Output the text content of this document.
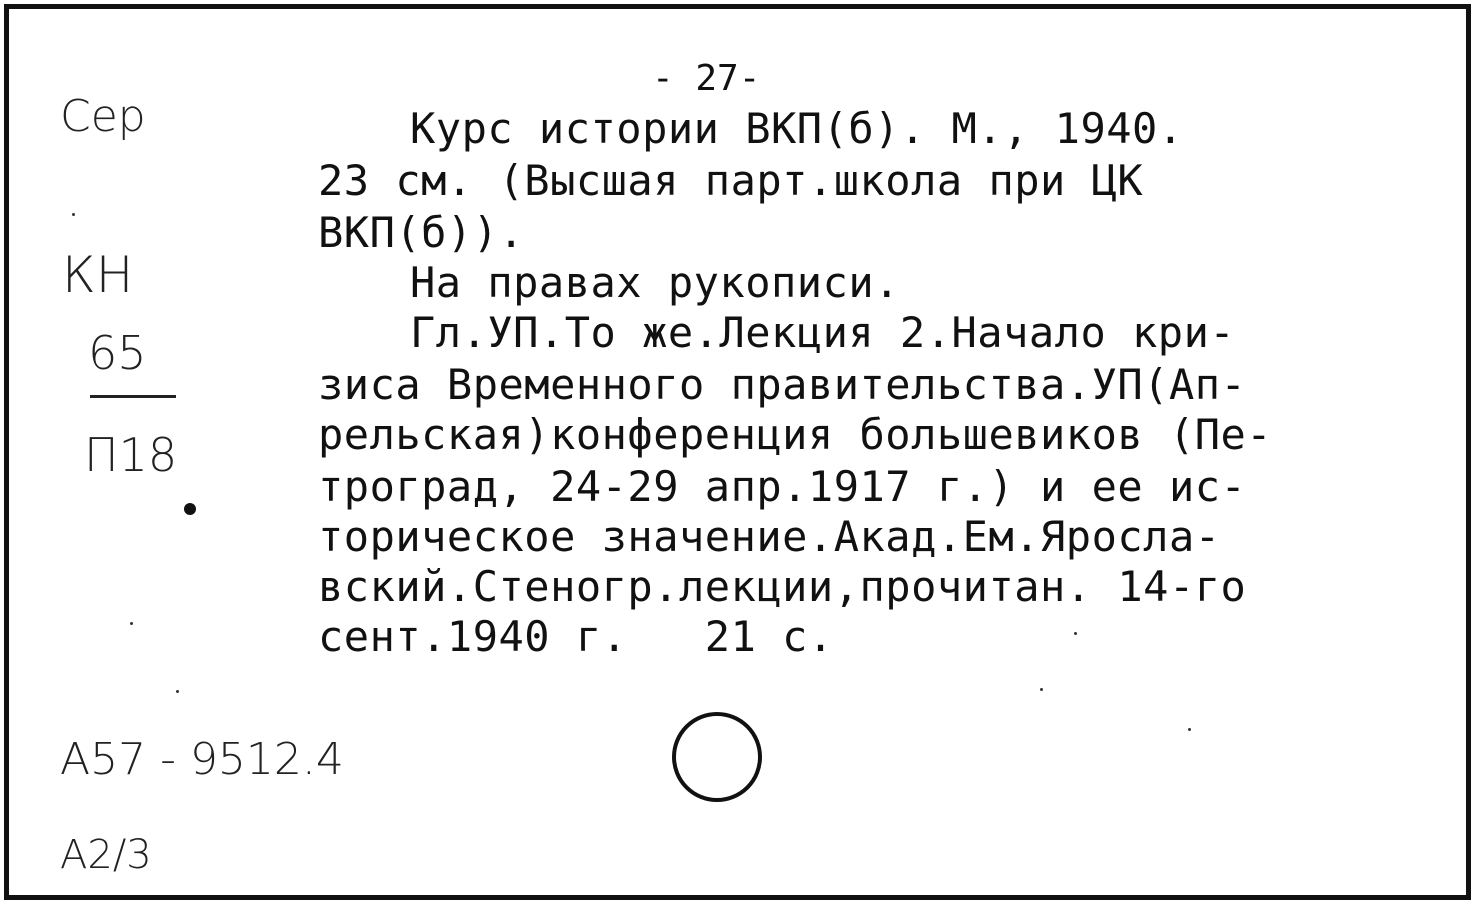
- 27-
Сер
КН
65
П18
А57 - 9512.4
А2/3
Курс истории ВКП(б). М., 1940.
23 см. (Высшая парт.школа при ЦК
ВКП(б)).
На правах рукописи.
Гл.УП.То же.Лекция 2.Начало кри-
зиса Временного правительства.УП(Ап-
рельская)конференция большевиков (Пе-
троград, 24-29 апр.1917 г.) и ее ис-
торическое значение.Акад.Ем.Яросла-
вский.Стеногр.лекции,прочитан. 14-го
сент.1940 г.   21 с.
